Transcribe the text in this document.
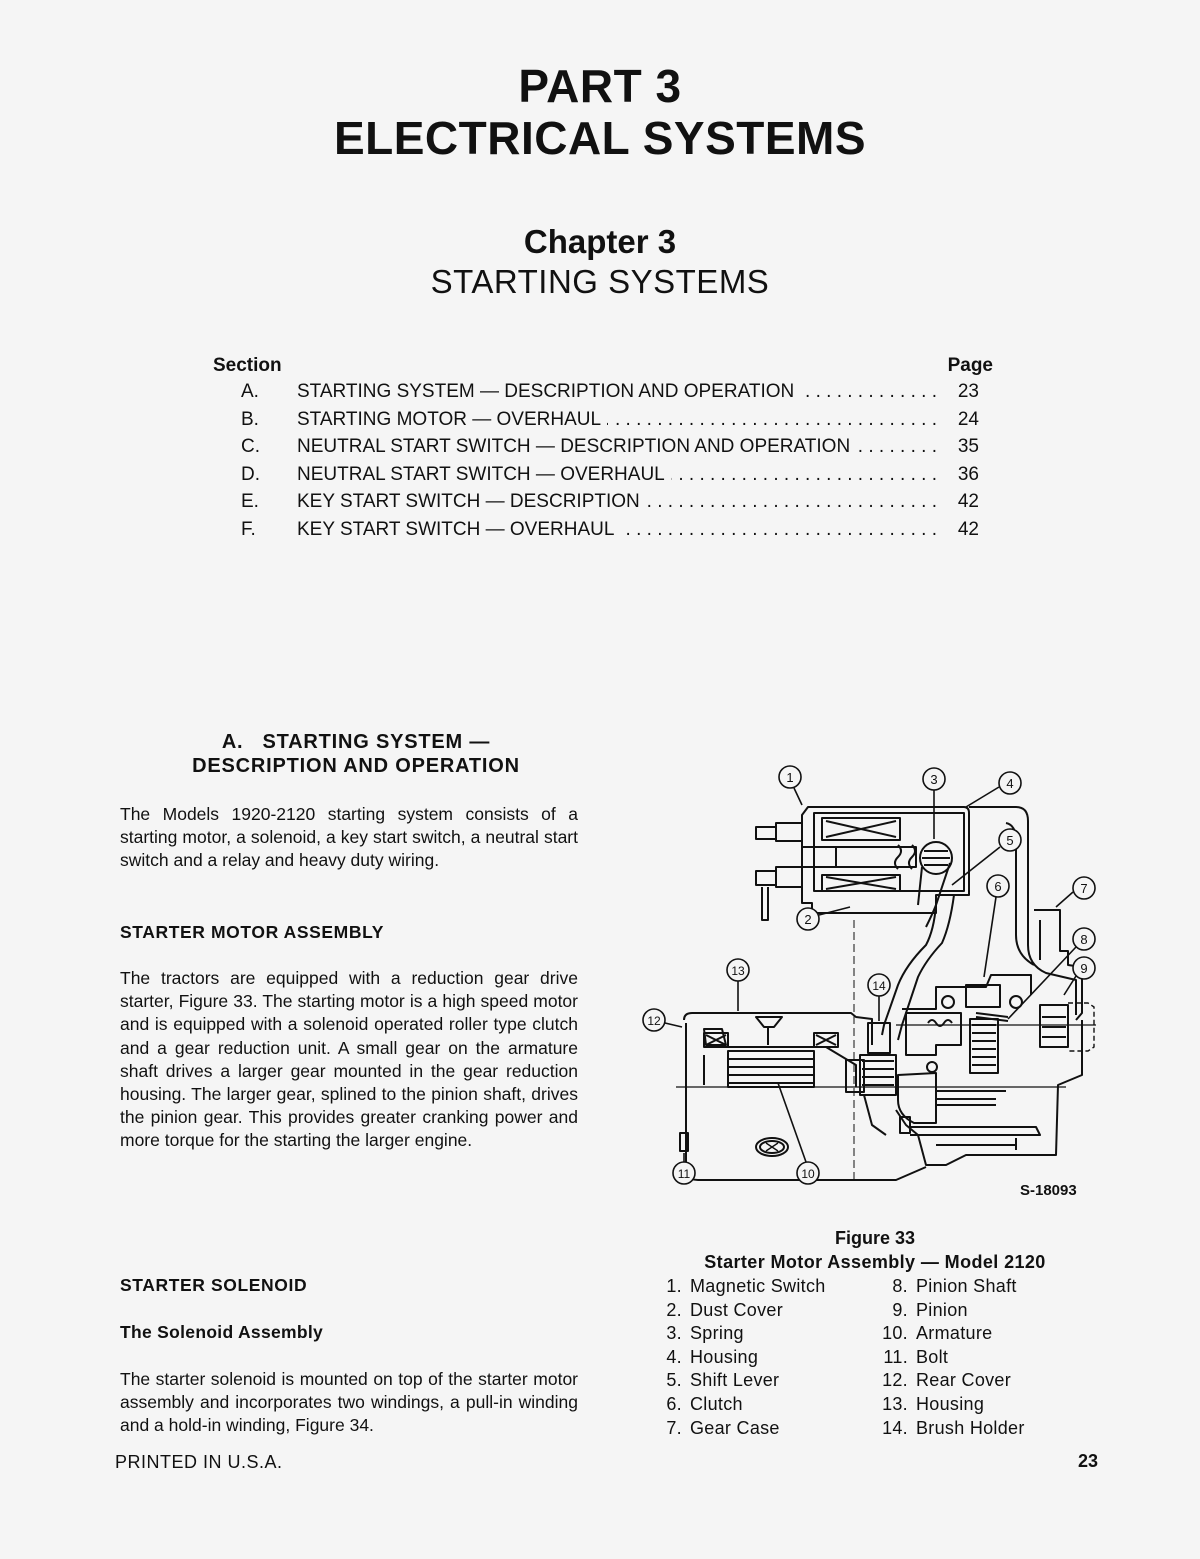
PART 3
ELECTRICAL SYSTEMS
Chapter 3
STARTING SYSTEMS
Section	Page
A.	STARTING SYSTEM — DESCRIPTION AND OPERATION . . .	23
B.	STARTING MOTOR — OVERHAUL . . .	24
C.	NEUTRAL START SWITCH — DESCRIPTION AND OPERATION . . .	35
D.	NEUTRAL START SWITCH — OVERHAUL . . .	36
E.	KEY START SWITCH — DESCRIPTION . . .	42
F.	KEY START SWITCH — OVERHAUL . . .	42
A.   STARTING SYSTEM —
DESCRIPTION AND OPERATION
The Models 1920-2120 starting system consists of a starting motor, a solenoid, a key start switch, a neutral start switch and a relay and heavy duty wiring.
STARTER MOTOR ASSEMBLY
The tractors are equipped with a reduction gear drive starter, Figure 33. The starting motor is a high speed motor and is equipped with a solenoid operated roller type clutch and a gear reduction unit. A small gear on the armature shaft drives a larger gear mounted in the gear reduction housing. The larger gear, splined to the pinion shaft, drives the pinion gear. This provides greater cranking power and more torque for the starting the larger engine.
STARTER SOLENOID
The Solenoid Assembly
The starter solenoid is mounted on top of the starter motor assembly and incorporates two windings, a pull-in winding and a hold-in winding, Figure 34.
1
2
3	4
5
6	7
8
9
10
11
12
13
14
S-18093
Figure 33
Starter Motor Assembly — Model 2120
1. Magnetic Switch
2. Dust Cover
3. Spring
4. Housing
5. Shift Lever
6. Clutch
7. Gear Case
8. Pinion Shaft
9. Pinion
10. Armature
11. Bolt
12. Rear Cover
13. Housing
14. Brush Holder
PRINTED IN U.S.A.	23
